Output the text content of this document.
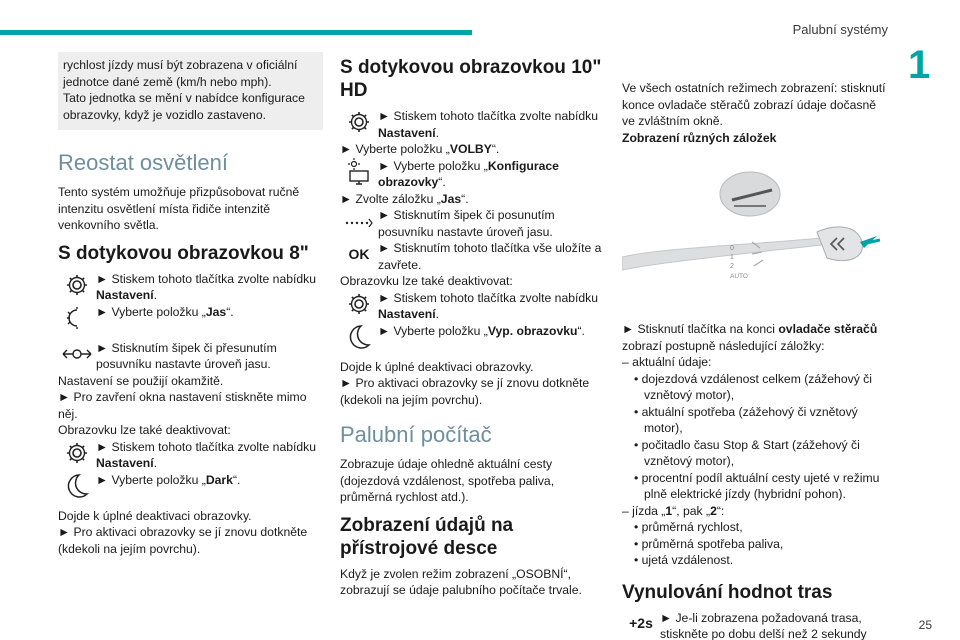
Palubní systémy
1
25

rychlost jízdy musí být zobrazena v oficiální jednotce dané země (km/h nebo mph).
Tato jednotka se mění v nabídce konfigurace obrazovky, když je vozidlo zastaveno.

Reostat osvětlení

Tento systém umožňuje přizpůsobovat ručně intenzitu osvětlení místa řidiče intenzitě venkovního světla.

S dotykovou obrazovkou 8"
► Stiskem tohoto tlačítka zvolte nabídku Nastavení.
► Vyberte položku „Jas“.
► Stisknutím šipek či přesunutím posuvníku nastavte úroveň jasu.

Nastavení se použijí okamžitě.

► Pro zavření okna nastavení stiskněte mimo něj.

Obrazovku lze také deaktivovat:

► Stiskem tohoto tlačítka zvolte nabídku Nastavení.
► Vyberte položku „Dark“.

Dojde k úplné deaktivaci obrazovky.

► Pro aktivaci obrazovky se jí znovu dotkněte (kdekoli na jejím povrchu).

S dotykovou obrazovkou 10" HD
► Stiskem tohoto tlačítka zvolte nabídku Nastavení.

► Vyberte položku „VOLBY“.

► Vyberte položku „Konfigurace obrazovky“.

► Zvolte záložku „Jas“.

► Stisknutím šipek či posunutím posuvníku nastavte úroveň jasu.
OK ► Stisknutím tohoto tlačítka vše uložíte a zavřete.

Obrazovku lze také deaktivovat:

► Stiskem tohoto tlačítka zvolte nabídku Nastavení.
► Vyberte položku „Vyp. obrazovku“.

Dojde k úplné deaktivaci obrazovky.

► Pro aktivaci obrazovky se jí znovu dotkněte (kdekoli na jejím povrchu).

Palubní počítač

Zobrazuje údaje ohledně aktuální cesty (dojezdová vzdálenost, spotřeba paliva, průměrná rychlost atd.).

Zobrazení údajů na přístrojové desce

Když je zvolen režim zobrazení „OSOBNÍ“, zobrazují se údaje palubního počítače trvale.

Ve všech ostatních režimech zobrazení: stisknutí konce ovladače stěračů zobrazí údaje dočasně ve zvláštním okně.

Zobrazení různých záložek

0
1
2
AUTO

► Stisknutí tlačítka na konci ovladače stěračů zobrazí postupně následující záložky:

– aktuální údaje:

• dojezdová vzdálenost celkem (zážehový či vznětový motor),

• aktuální spotřeba (zážehový či vznětový motor),

• počitadlo času Stop & Start (zážehový či vznětový motor),

• procentní podíl aktuální cesty ujeté v režimu plně elektrické jízdy (hybridní pohon).

– jízda „1“, pak „2“:

• průměrná rychlost,

• průměrná spotřeba paliva,

• ujetá vzdálenost.

Vynulování hodnot tras
+2s ► Je-li zobrazena požadovaná trasa, stiskněte po dobu delší než 2 sekundy
